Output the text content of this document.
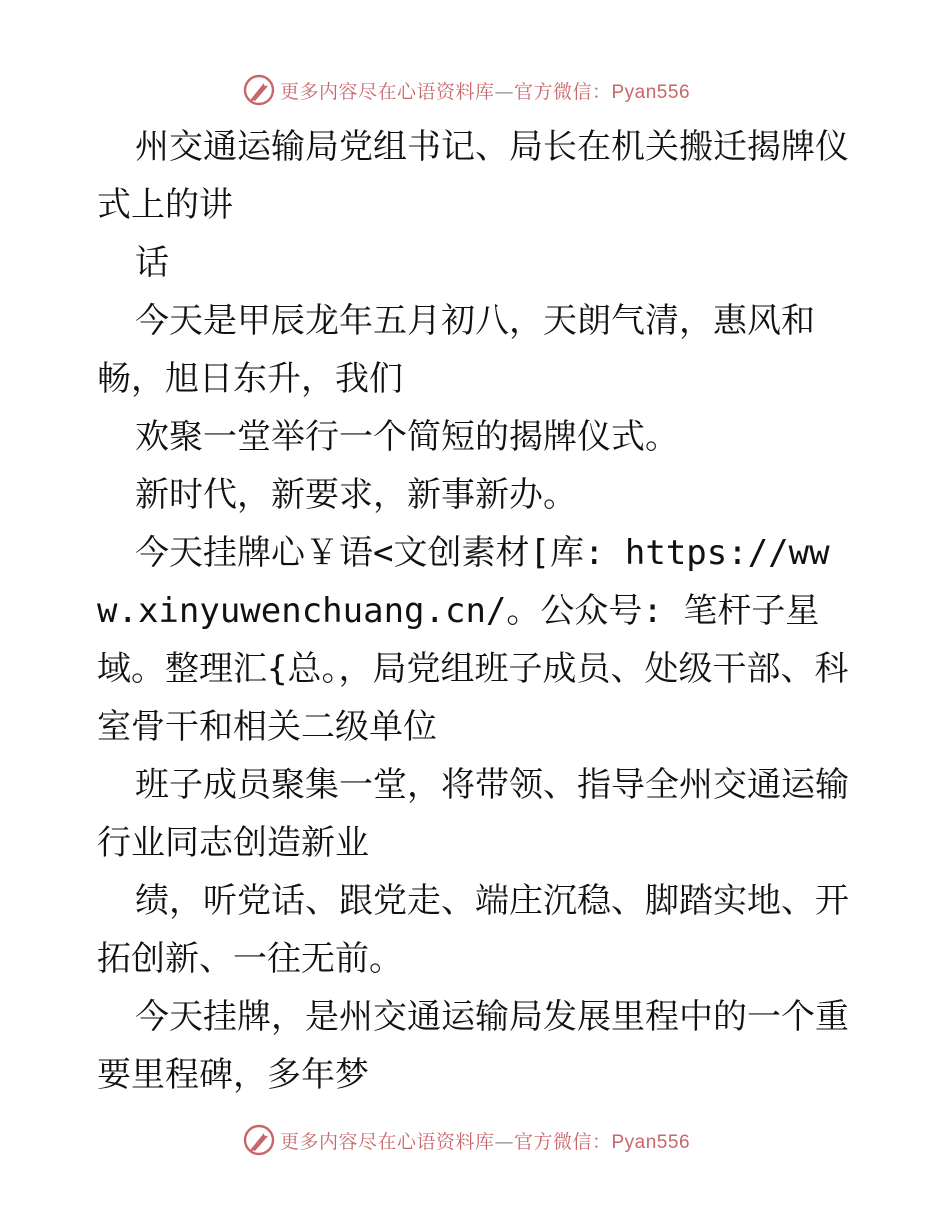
更多内容尽在心语资料库—官方微信：Pyan556

州交通运输局党组书记、局长在机关搬迁揭牌仪式上的讲

话

今天是甲辰龙年五月初八，天朗气清，惠风和畅，旭日东升，我们

欢聚一堂举行一个简短的揭牌仪式。

新时代，新要求，新事新办。

今天挂牌心￥语<文创素材[库: https://www.xinyuwenchuang.cn/。公众号: 笔杆子星域。整理汇{总。，局党组班子成员、处级干部、科室骨干和相关二级单位

班子成员聚集一堂，将带领、指导全州交通运输行业同志创造新业

绩，听党话、跟党走、端庄沉稳、脚踏实地、开拓创新、一往无前。

今天挂牌，是州交通运输局发展里程中的一个重要里程碑，多年梦

更多内容尽在心语资料库—官方微信：Pyan556
